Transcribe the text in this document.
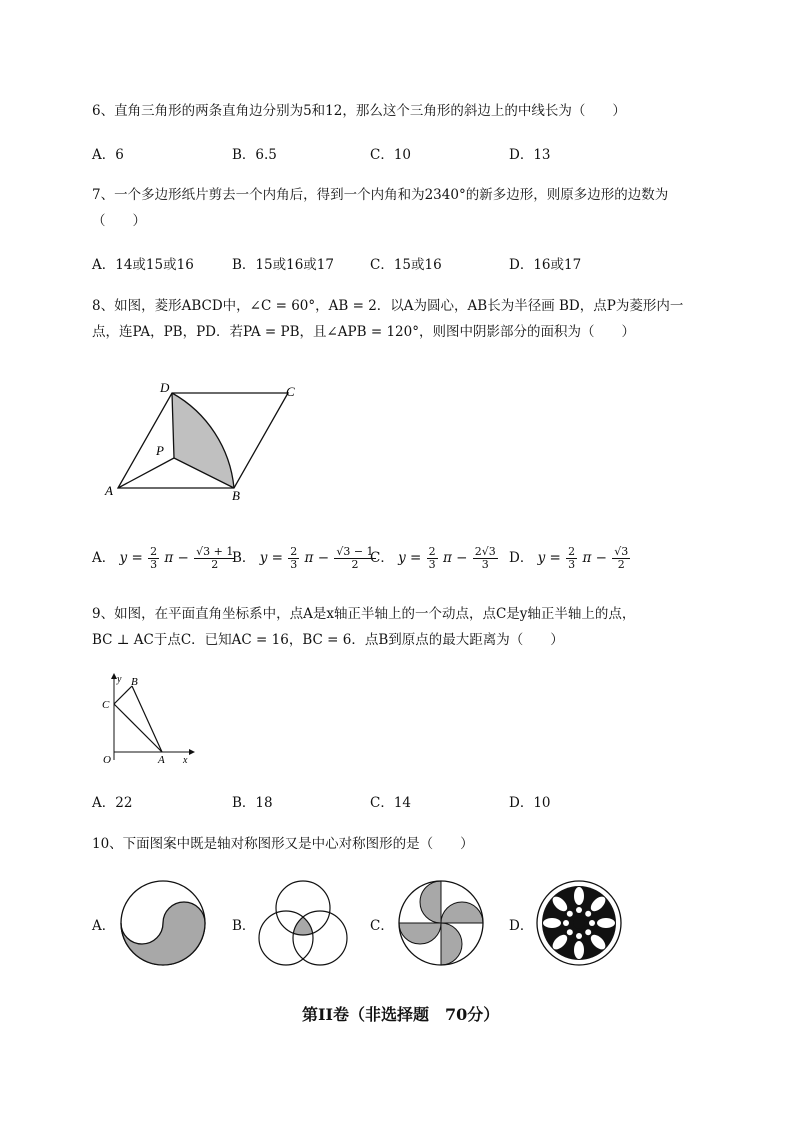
6、直角三角形的两条直角边分别为5和12，那么这个三角形的斜边上的中线长为（　　）
A．6	B．6.5	C．10	D．13
7、一个多边形纸片剪去一个内角后，得到一个内角和为2340°的新多边形，则原多边形的边数为
（　　）
A．14或15或16	B．15或16或17	C．15或16	D．16或17
8、如图，菱形ABCD中，∠C = 60°，AB = 2．以A为圆心，AB长为半径画 BD，点P为菱形内一
点，连PA，PB，PD．若PA = PB，且∠APB = 120°，则图中阴影部分的面积为（　　）
A	B
C
D
P
A． $y = \frac{2}{3}$ $\pi - \frac{√3 + 1}{2}$
B． $y = \frac{2}{3}$ $\pi - \frac{√3 - 1}{2}$
C． $y = \frac{2}{3}$ $\pi - \frac{2√3}{3}$ D． $y = \frac{2}{3}$ $\pi - \frac{√3}{2}$
9、如图，在平面直角坐标系中，点A是x轴正半轴上的一个动点，点C是y轴正半轴上的点，
BC ⊥ AC于点C．已知AC = 16，BC = 6．点B到原点的最大距离为（　　）
y B
C
O	A x
A．22	B．18	C．14	D．10
10、下面图案中既是轴对称图形又是中心对称图形的是（　　）
A．	B．	C．	D．
第II卷（非选择题　70分）
